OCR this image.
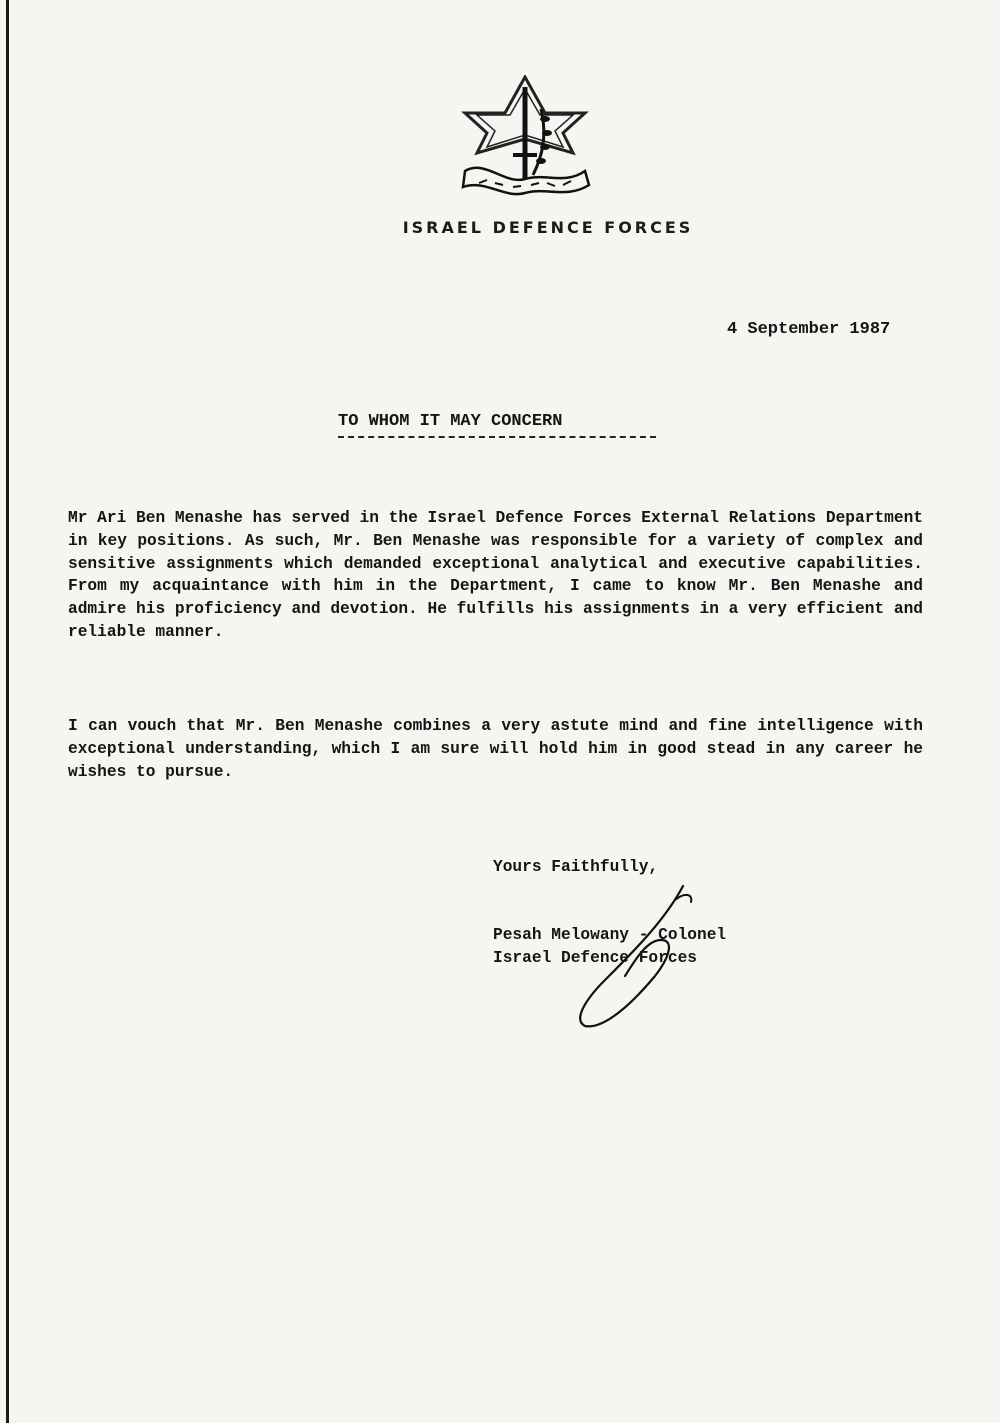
ISRAEL DEFENCE FORCES
4 September 1987
TO WHOM IT MAY CONCERN
Mr Ari Ben Menashe has served in the Israel Defence Forces External Relations Department in key positions. As such, Mr. Ben Menashe was responsible for a variety of complex and sensitive assignments which demanded exceptional analytical and executive capabilities. From my acquaintance with him in the Department, I came to know Mr. Ben Menashe and admire his proficiency and devotion. He fulfills his assignments in a very efficient and reliable manner.
I can vouch that Mr. Ben Menashe combines a very astute mind and fine intelligence with exceptional understanding, which I am sure will hold him in good stead in any career he wishes to pursue.
Yours Faithfully,
Pesah Melowany - Colonel
Israel Defence Forces
